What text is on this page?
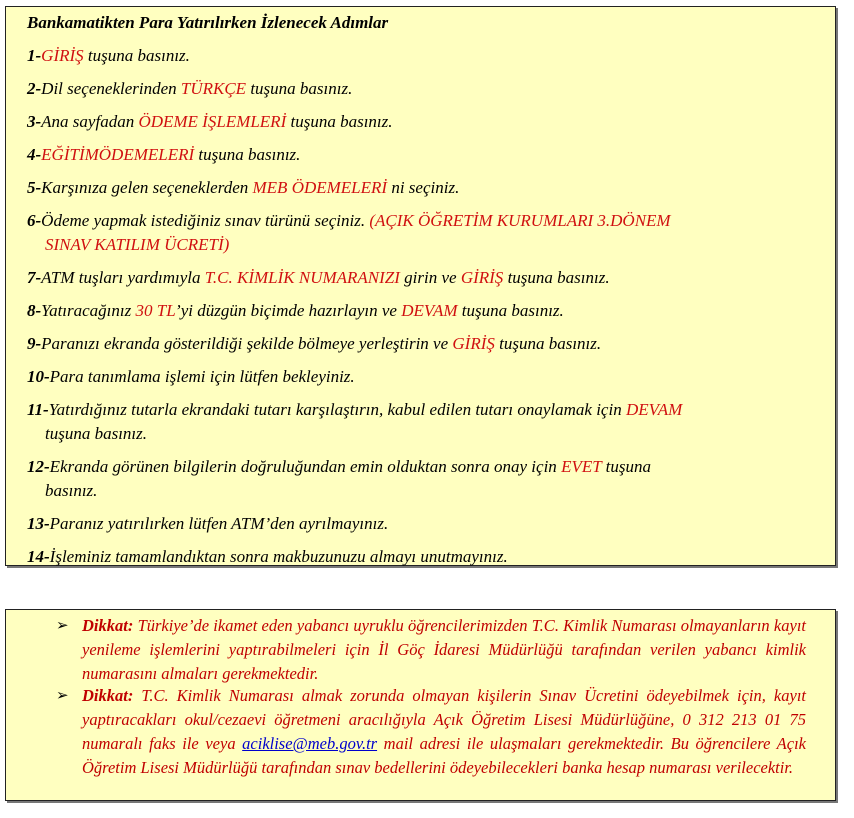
Bankamatikten Para Yatırılırken İzlenecek Adımlar
1-GİRİŞ tuşuna basınız.
2-Dil seçeneklerinden TÜRKÇE tuşuna basınız.
3-Ana sayfadan ÖDEME İŞLEMLERİ tuşuna basınız.
4-EĞİTİMÖDEMELERİ tuşuna basınız.
5-Karşınıza gelen seçeneklerden MEB ÖDEMELERİ ni seçiniz.
6-Ödeme yapmak istediğiniz sınav türünü seçiniz. (AÇIK ÖĞRETİM KURUMLARI 3.DÖNEM
SINAV KATILIM ÜCRETİ)
7-ATM tuşları yardımıyla T.C. KİMLİK NUMARANIZI girin ve GİRİŞ tuşuna basınız.
8-Yatıracağınız 30 TL’yi düzgün biçimde hazırlayın ve DEVAM tuşuna basınız.
9-Paranızı ekranda gösterildiği şekilde bölmeye yerleştirin ve GİRİŞ tuşuna basınız.
10-Para tanımlama işlemi için lütfen bekleyiniz.
11-Yatırdığınız tutarla ekrandaki tutarı karşılaştırın, kabul edilen tutarı onaylamak için DEVAM
tuşuna basınız.
12-Ekranda görünen bilgilerin doğruluğundan emin olduktan sonra onay için EVET tuşuna
basınız.
13-Paranız yatırılırken lütfen ATM’den ayrılmayınız.
14-İşleminiz tamamlandıktan sonra makbuzunuzu almayı unutmayınız.
➢ Dikkat: Türkiye’de ikamet eden yabancı uyruklu öğrencilerimizden T.C. Kimlik Numarası olmayanların kayıt yenileme işlemlerini yaptırabilmeleri için İl Göç İdaresi Müdürlüğü tarafından verilen yabancı kimlik numarasını almaları gerekmektedir.
➢ Dikkat: T.C. Kimlik Numarası almak zorunda olmayan kişilerin Sınav Ücretini ödeyebilmek için, kayıt yaptıracakları okul/cezaevi öğretmeni aracılığıyla Açık Öğretim Lisesi Müdürlüğüne, 0 312 213 01 75 numaralı faks ile veya aciklise@meb.gov.tr mail adresi ile ulaşmaları gerekmektedir. Bu öğrencilere Açık Öğretim Lisesi Müdürlüğü tarafından sınav bedellerini ödeyebilecekleri banka hesap numarası verilecektir.
